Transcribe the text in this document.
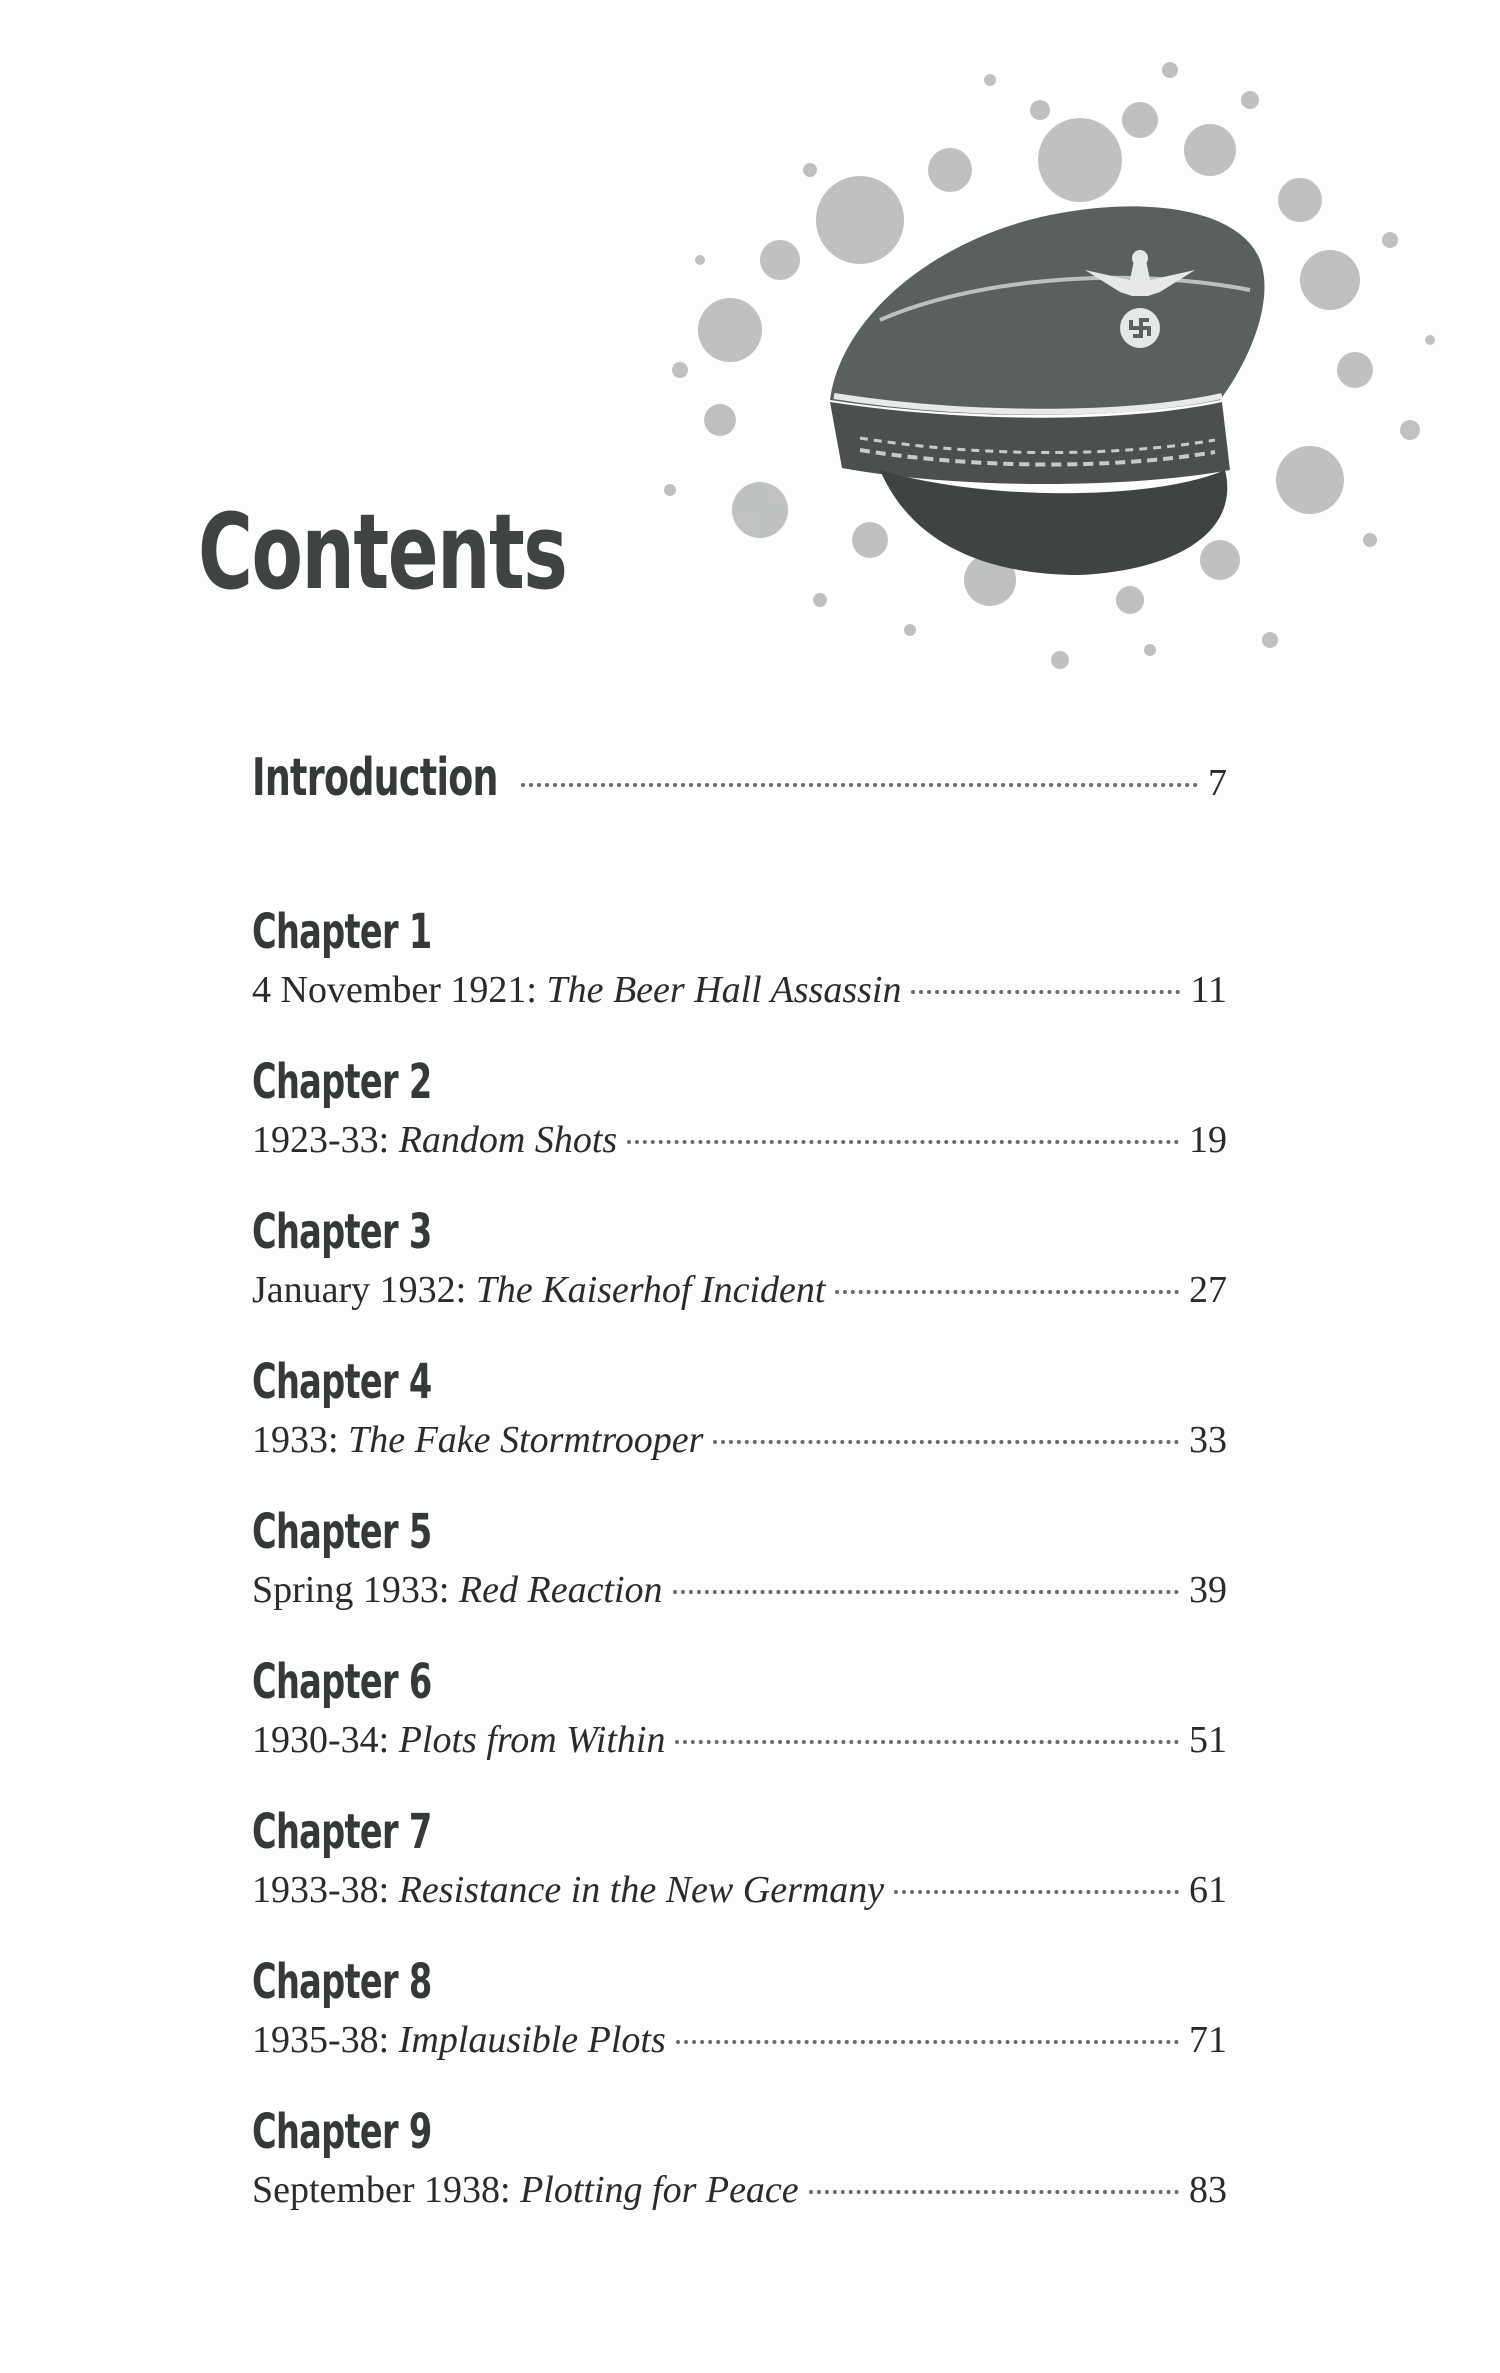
Contents
Introduction	7
Chapter 1
4 November 1921: The Beer Hall Assassin	11
Chapter 2
1923-33: Random Shots	19
Chapter 3
January 1932: The Kaiserhof Incident	27
Chapter 4
1933: The Fake Stormtrooper	33
Chapter 5
Spring 1933: Red Reaction	39
Chapter 6
1930-34: Plots from Within	51
Chapter 7
1933-38: Resistance in the New Germany	61
Chapter 8
1935-38: Implausible Plots	71
Chapter 9
September 1938: Plotting for Peace	83
